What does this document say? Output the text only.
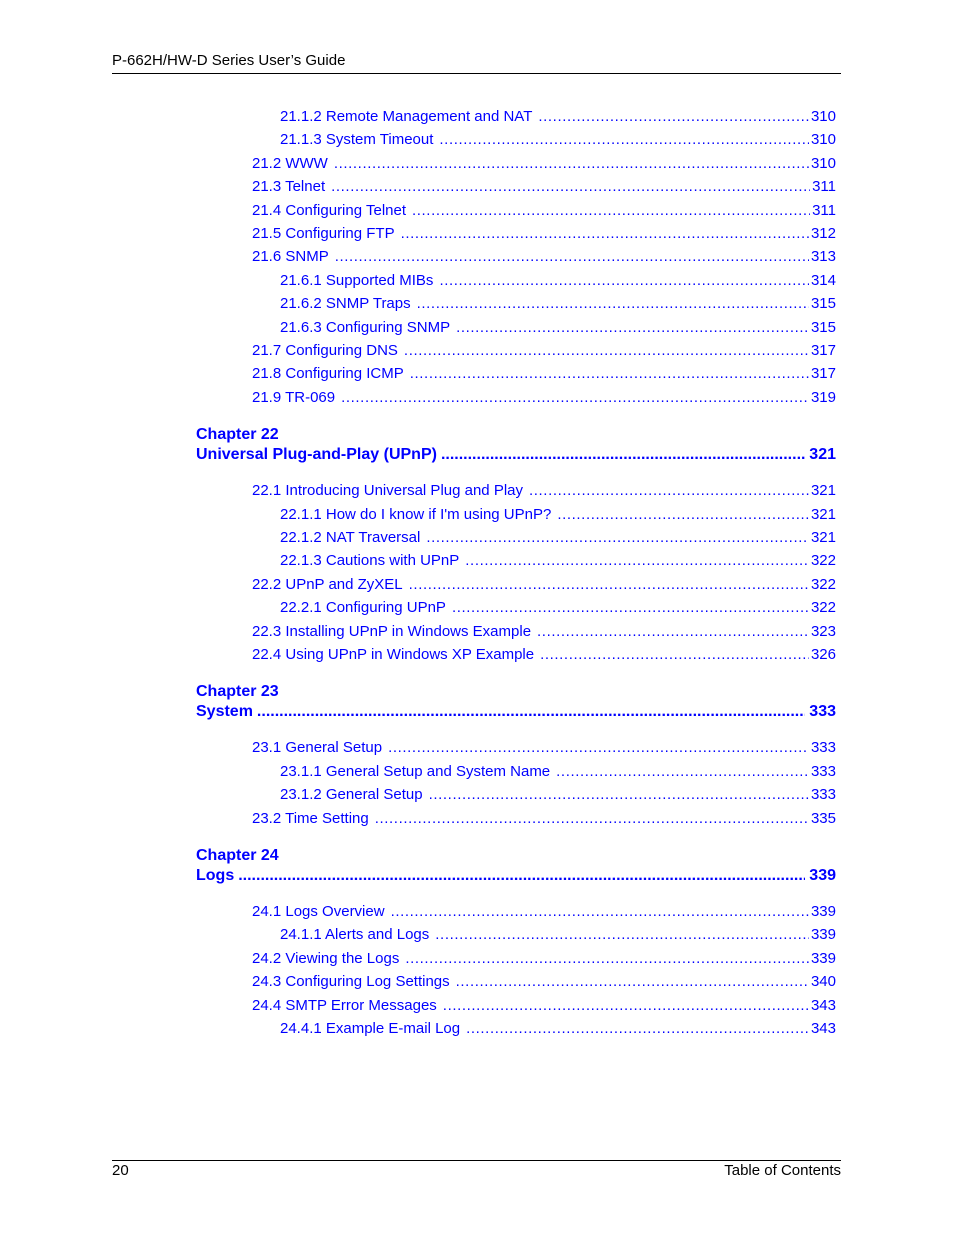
P-662H/HW-D Series User’s Guide
21.1.2 Remote Management and NAT .....	310
21.1.3 System Timeout .....	310
21.2 WWW .....	310
21.3 Telnet .....	311
21.4 Configuring Telnet .....	311
21.5 Configuring FTP .....	312
21.6 SNMP .....	313
21.6.1 Supported MIBs .....	314
21.6.2 SNMP Traps .....	315
21.6.3 Configuring SNMP .....	315
21.7 Configuring DNS .....	317
21.8 Configuring ICMP .....	317
21.9 TR-069 .....	319
Chapter 22
Universal Plug-and-Play (UPnP) .....	321
22.1 Introducing Universal Plug and Play .....	321
22.1.1 How do I know if I'm using UPnP? .....	321
22.1.2 NAT Traversal .....	321
22.1.3 Cautions with UPnP .....	322
22.2 UPnP and ZyXEL .....	322
22.2.1 Configuring UPnP .....	322
22.3 Installing UPnP in Windows Example .....	323
22.4 Using UPnP in Windows XP Example .....	326
Chapter 23
System .....	333
23.1 General Setup .....	333
23.1.1 General Setup and System Name .....	333
23.1.2 General Setup .....	333
23.2 Time Setting .....	335
Chapter 24
Logs .....	339
24.1 Logs Overview .....	339
24.1.1 Alerts and Logs .....	339
24.2 Viewing the Logs .....	339
24.3 Configuring Log Settings .....	340
24.4 SMTP Error Messages .....	343
24.4.1 Example E-mail Log .....	343
20	Table of Contents
